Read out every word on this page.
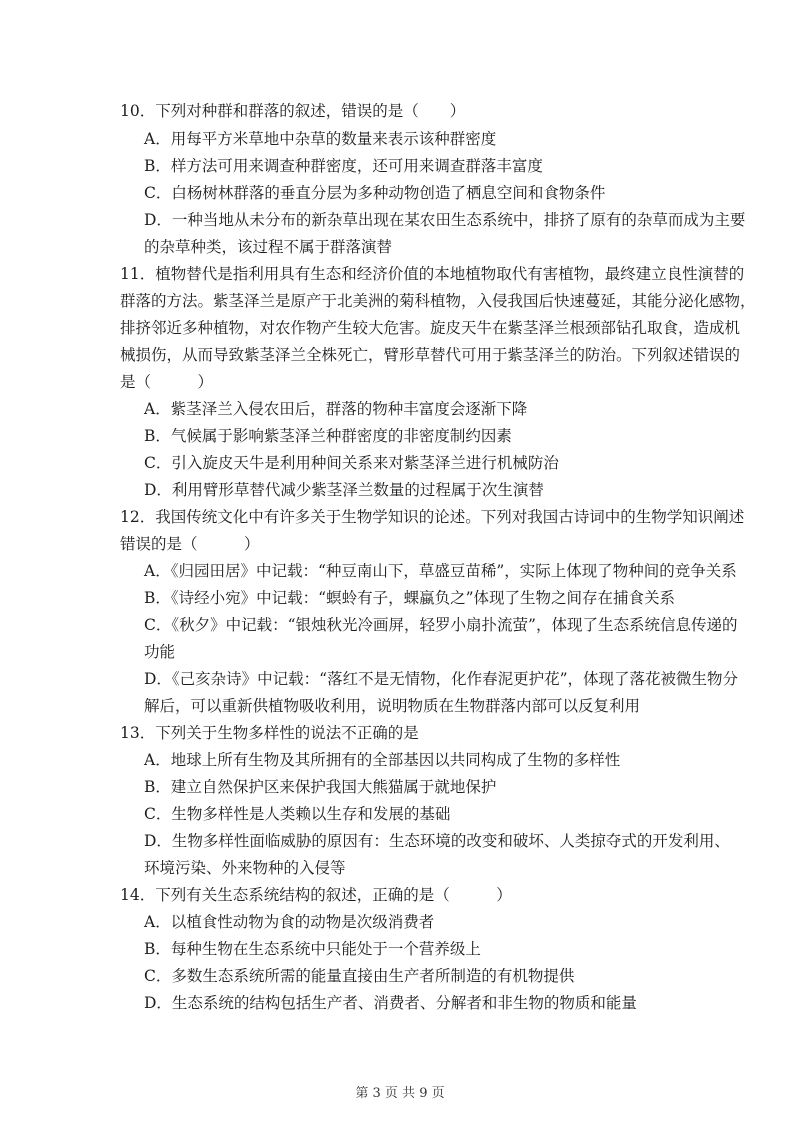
10．下列对种群和群落的叙述，错误的是（　　）
A．用每平方米草地中杂草的数量来表示该种群密度
B．样方法可用来调查种群密度，还可用来调查群落丰富度
C．白杨树林群落的垂直分层为多种动物创造了栖息空间和食物条件
D．一种当地从未分布的新杂草出现在某农田生态系统中，排挤了原有的杂草而成为主要
的杂草种类，该过程不属于群落演替
11．植物替代是指利用具有生态和经济价值的本地植物取代有害植物，最终建立良性演替的
群落的方法。紫茎泽兰是原产于北美洲的菊科植物，入侵我国后快速蔓延，其能分泌化感物，
排挤邻近多种植物，对农作物产生较大危害。旋皮天牛在紫茎泽兰根颈部钻孔取食，造成机
械损伤，从而导致紫茎泽兰全株死亡，臂形草替代可用于紫茎泽兰的防治。下列叙述错误的
是（　　　）
A．紫茎泽兰入侵农田后，群落的物种丰富度会逐渐下降
B．气候属于影响紫茎泽兰种群密度的非密度制约因素
C．引入旋皮天牛是利用种间关系来对紫茎泽兰进行机械防治
D．利用臂形草替代减少紫茎泽兰数量的过程属于次生演替
12．我国传统文化中有许多关于生物学知识的论述。下列对我国古诗词中的生物学知识阐述
错误的是（　　　）
A．《归园田居》中记载：“种豆南山下，草盛豆苗稀”，实际上体现了物种间的竞争关系
B．《诗经小宛》中记载：“螟蛉有子，蜾蠃负之”体现了生物之间存在捕食关系
C．《秋夕》中记载：“银烛秋光冷画屏，轻罗小扇扑流萤”，体现了生态系统信息传递的
功能
D．《己亥杂诗》中记载：“落红不是无情物，化作春泥更护花”，体现了落花被微生物分
解后，可以重新供植物吸收利用，说明物质在生物群落内部可以反复利用
13．下列关于生物多样性的说法不正确的是
A．地球上所有生物及其所拥有的全部基因以共同构成了生物的多样性
B．建立自然保护区来保护我国大熊猫属于就地保护
C．生物多样性是人类赖以生存和发展的基础
D．生物多样性面临威胁的原因有：生态环境的改变和破坏、人类掠夺式的开发利用、
环境污染、外来物种的入侵等
14．下列有关生态系统结构的叙述，正确的是（　　　）
A．以植食性动物为食的动物是次级消费者
B．每种生物在生态系统中只能处于一个营养级上
C．多数生态系统所需的能量直接由生产者所制造的有机物提供
D．生态系统的结构包括生产者、消费者、分解者和非生物的物质和能量
第 3 页 共 9 页
